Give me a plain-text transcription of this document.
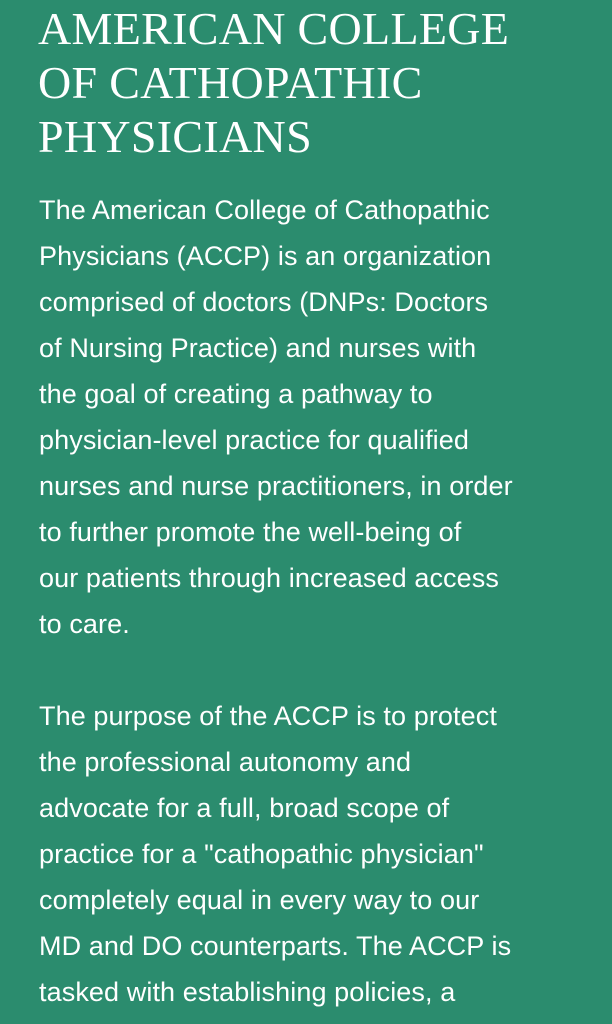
AMERICAN COLLEGE
OF CATHOPATHIC
PHYSICIANS

The American College of Cathopathic
Physicians (ACCP) is an organization
comprised of doctors (DNPs: Doctors
of Nursing Practice) and nurses with
the goal of creating a pathway to
physician-level practice for qualified
nurses and nurse practitioners, in order
to further promote the well-being of
our patients through increased access
to care.

The purpose of the ACCP is to protect
the professional autonomy and
advocate for a full, broad scope of
practice for a "cathopathic physician"
completely equal in every way to our
MD and DO counterparts. The ACCP is
tasked with establishing policies, a
